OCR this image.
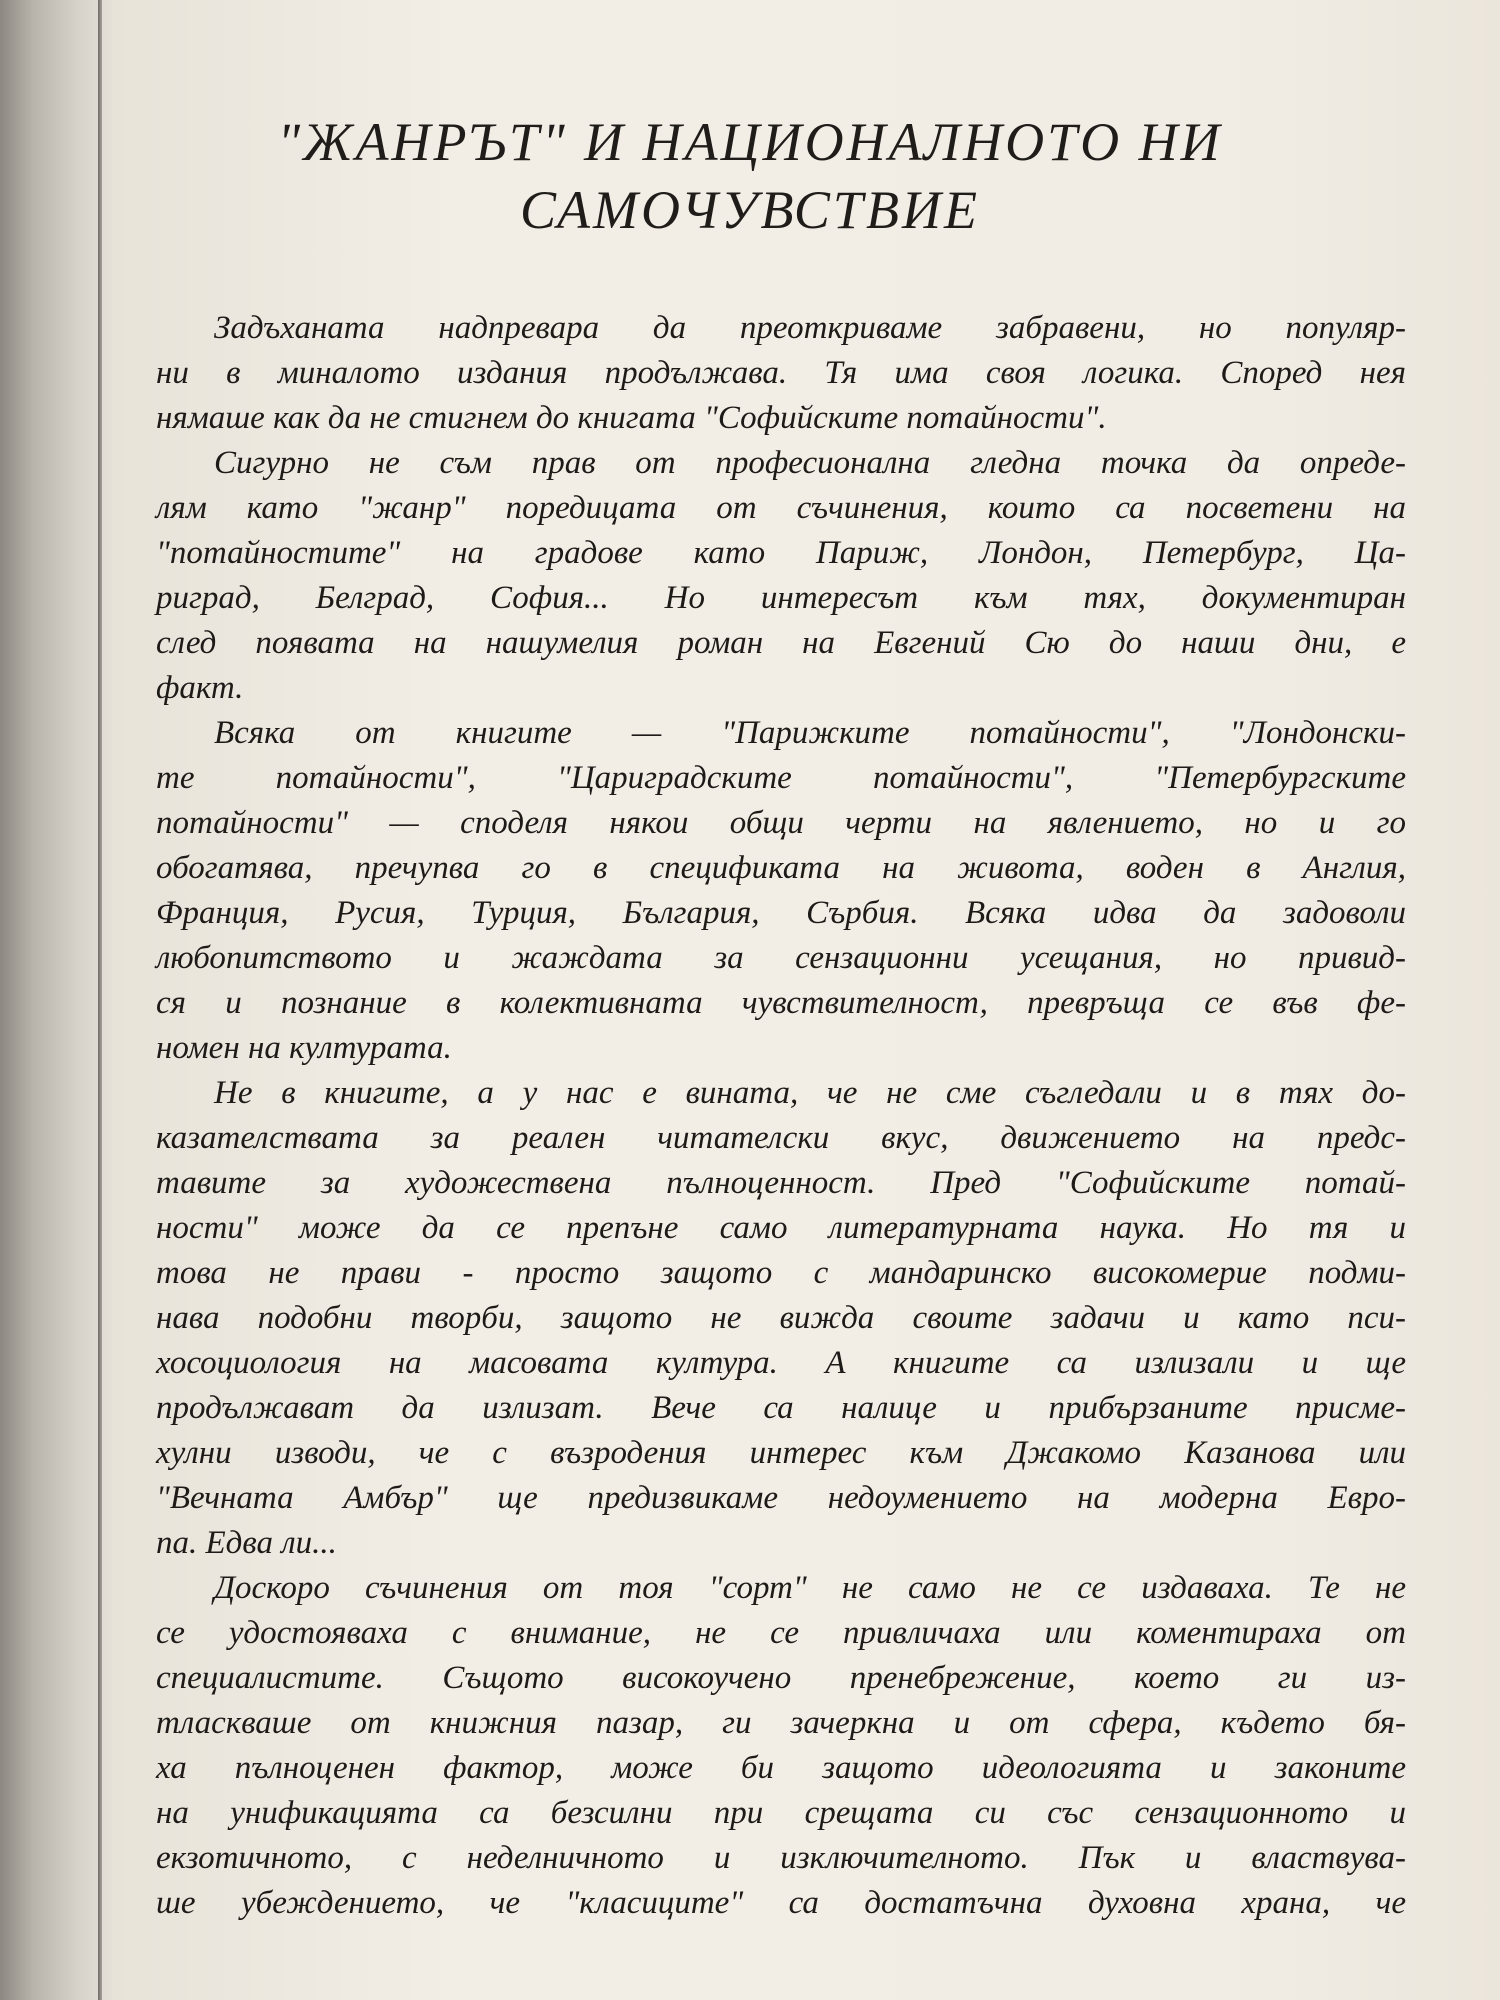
"ЖАНРЪТ" И НАЦИОНАЛНОТО НИ
САМОЧУВСТВИЕ
Задъханата надпревара да преоткриваме забравени, но популяр-
ни в миналото издания продължава. Тя има своя логика. Според нея
нямаше как да не стигнем до книгата "Софийските потайности".
Сигурно не съм прав от професионална гледна точка да опреде-
лям като "жанр" поредицата от съчинения, които са посветени на
"потайностите" на градове като Париж, Лондон, Петербург, Ца-
риград, Белград, София... Но интересът към тях, документиран
след появата на нашумелия роман на Евгений Сю до наши дни, е
факт.
Всяка от книгите — "Парижките потайности", "Лондонски-
те потайности", "Цариградските потайности", "Петербургските
потайности" — споделя някои общи черти на явлението, но и го
обогатява, пречупва го в спецификата на живота, воден в Англия,
Франция, Русия, Турция, България, Сърбия. Всяка идва да задоволи
любопитството и жаждата за сензационни усещания, но привид-
ся и познание в колективната чувствителност, превръща се във фе-
номен на културата.
Не в книгите, а у нас е вината, че не сме съгледали и в тях до-
казателствата за реален читателски вкус, движението на предс-
тавите за художествена пълноценност. Пред "Софийските потай-
ности" може да се препъне само литературната наука. Но тя и
това не прави - просто защото с мандаринско високомерие подми-
нава подобни творби, защото не вижда своите задачи и като пси-
хосоциология на масовата култура. А книгите са излизали и ще
продължават да излизат. Вече са налице и прибързаните присме-
хулни изводи, че с възродения интерес към Джакомо Казанова или
"Вечната Амбър" ще предизвикаме недоумението на модерна Евро-
па. Едва ли...
Доскоро съчинения от тоя "сорт" не само не се издаваха. Те не
се удостояваха с внимание, не се привличаха или коментираха от
специалистите. Същото високоучено пренебрежение, което ги из-
тласкваше от книжния пазар, ги зачеркна и от сфера, където бя-
ха пълноценен фактор, може би защото идеологията и законите
на унификацията са безсилни при срещата си със сензационното и
екзотичното, с неделничното и изключителното. Пък и властвува-
ше убеждението, че "класиците" са достатъчна духовна храна, че
